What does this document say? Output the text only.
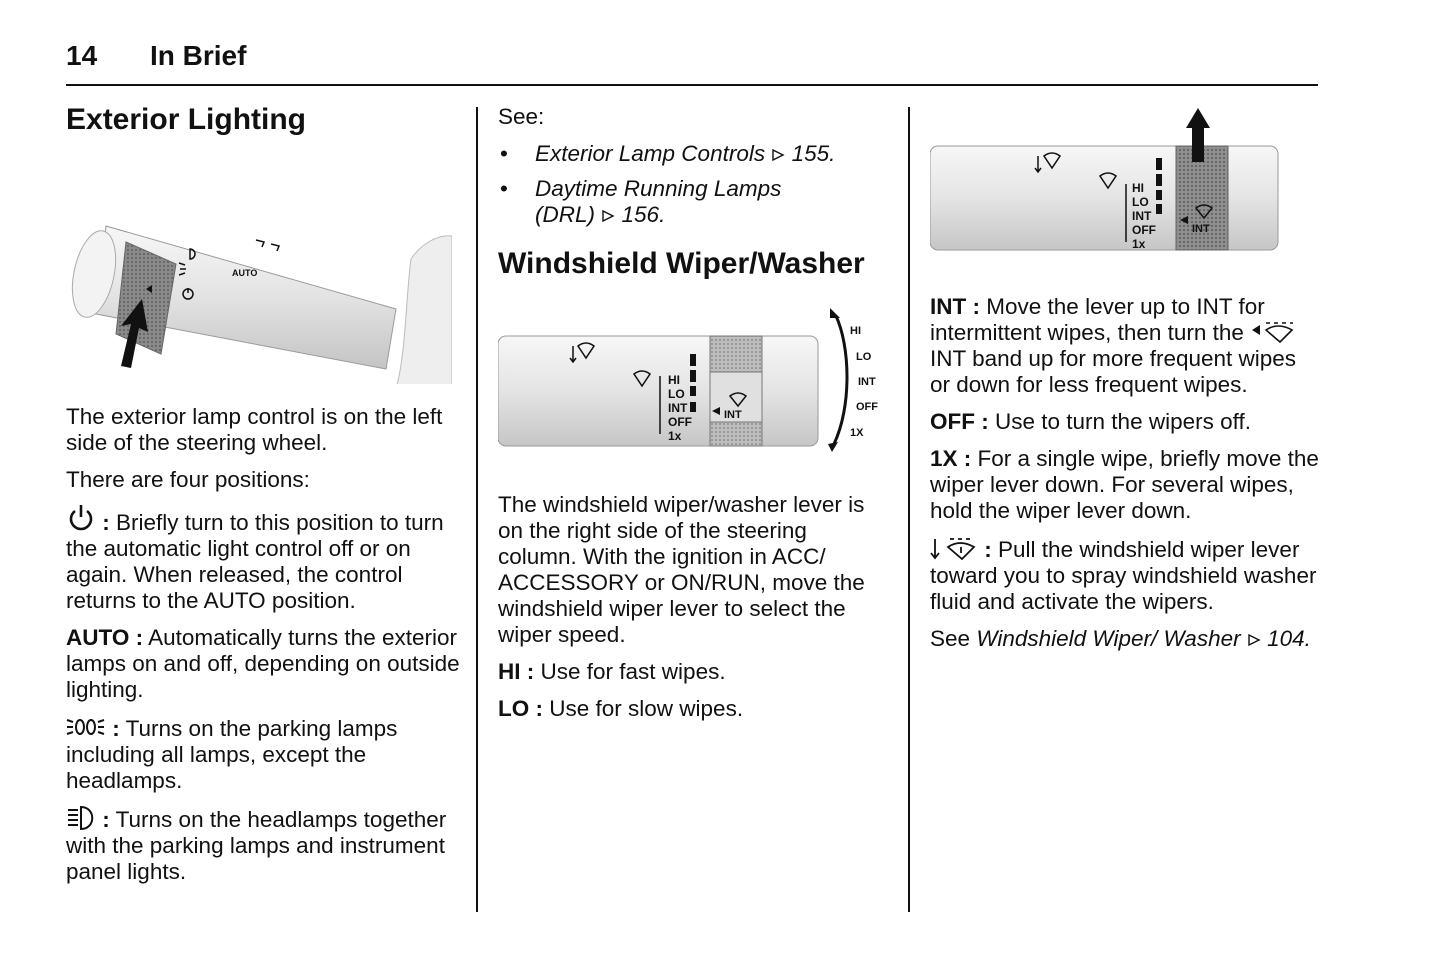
14 In Brief
Exterior Lighting
AUTO

The exterior lamp control is on the left side of the steering wheel.

There are four positions:

: Briefly turn to this position to turn the automatic light control off or on again. When released, the control returns to the AUTO position.

AUTO : Automatically turns the exterior lamps on and off, depending on outside lighting.

: Turns on the parking lamps including all lamps, except the headlamps.

: Turns on the headlamps together with the parking lamps and instrument panel lights.

See:

• Exterior Lamp Controls 155.
• Daytime Running Lamps
(DRL) 156.
Windshield Wiper/Washer
INT
HI
LO
INT
OFF
1x
HI
LO
INT
OFF
1X

The windshield wiper/washer lever is on the right side of the steering column. With the ignition in ACC/ ACCESSORY or ON/RUN, move the windshield wiper lever to select the wiper speed.

HI : Use for fast wipes.

LO : Use for slow wipes.

INT
HI
LO
INT
OFF
1x

INT : Move the lever up to INT for intermittent wipes, then turn the  INT band up for more frequent wipes or down for less frequent wipes.

OFF : Use to turn the wipers off.

1X : For a single wipe, briefly move the wiper lever down. For several wipes, hold the wiper lever down.

: Pull the windshield wiper lever toward you to spray windshield washer fluid and activate the wipers.

See Windshield Wiper/ Washer 104.
